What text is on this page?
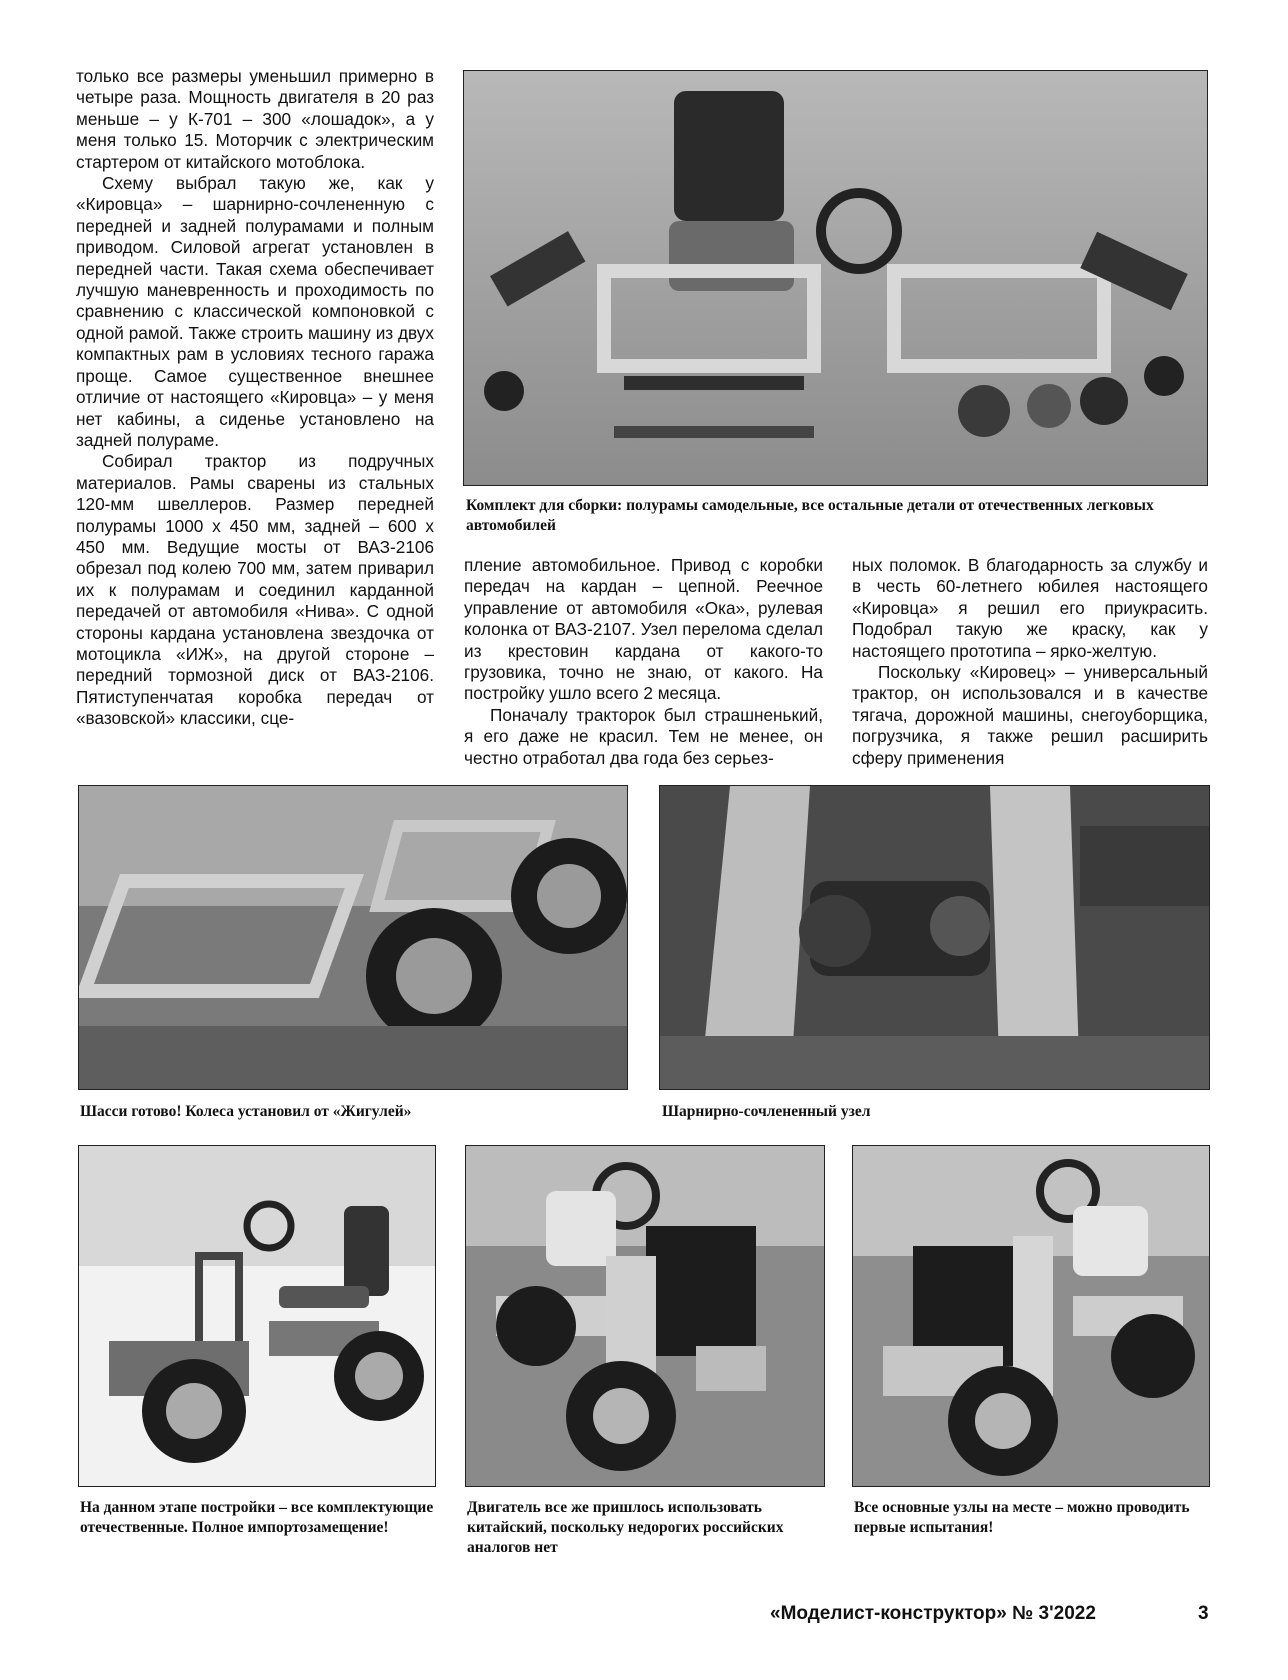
только все размеры уменьшил примерно в четыре раза. Мощность двигателя в 20 раз меньше – у К-701 – 300 «лошадок», а у меня только 15. Моторчик с электрическим стартером от китайского мотоблока.

Схему выбрал такую же, как у «Кировца» – шарнирно-сочлененную с передней и задней полурамами и полным приводом. Силовой агрегат установлен в передней части. Такая схема обеспечивает лучшую маневренность и проходимость по сравнению с классической компоновкой с одной рамой. Также строить машину из двух компактных рам в условиях тесного гаража проще. Самое существенное внешнее отличие от настоящего «Кировца» – у меня нет кабины, а сиденье установлено на задней полураме.

Собирал трактор из подручных материалов. Рамы сварены из стальных 120-мм швеллеров. Размер передней полурамы 1000 х 450 мм, задней – 600 х 450 мм. Ведущие мосты от ВАЗ-2106 обрезал под колею 700 мм, затем приварил их к полурамам и соединил карданной передачей от автомобиля «Нива». С одной стороны кардана установлена звездочка от мотоцикла «ИЖ», на другой стороне – передний тормозной диск от ВАЗ-2106. Пятиступенчатая коробка передач от «вазовской» классики, сце-

Комплект для сборки: полурамы самодельные, все остальные детали от отечественных легковых автомобилей

пление автомобильное. Привод с коробки передач на кардан – цепной. Реечное управление от автомобиля «Ока», рулевая колонка от ВАЗ-2107. Узел перелома сделал из крестовин кардана от какого-то грузовика, точно не знаю, от какого. На постройку ушло всего 2 месяца.

Поначалу тракторок был страшненький, я его даже не красил. Тем не менее, он честно отработал два года без серьез-

ных поломок. В благодарность за службу и в честь 60-летнего юбилея настоящего «Кировца» я решил его приукрасить. Подобрал такую же краску, как у настоящего прототипа – ярко-желтую.

Поскольку «Кировец» – универсальный трактор, он использовался и в качестве тягача, дорожной машины, снегоуборщика, погрузчика, я также решил расширить сферу применения

Шасси готово! Колеса установил от «Жигулей»	Шарнирно-сочлененный узел
На данном этапе постройки – все комплектующие отечественные. Полное импортозамещение!
Двигатель все же пришлось использовать китайский, поскольку недорогих российских аналогов нет
Все основные узлы на месте – можно проводить первые испытания!
«Моделист-конструктор» № 3'2022	3
